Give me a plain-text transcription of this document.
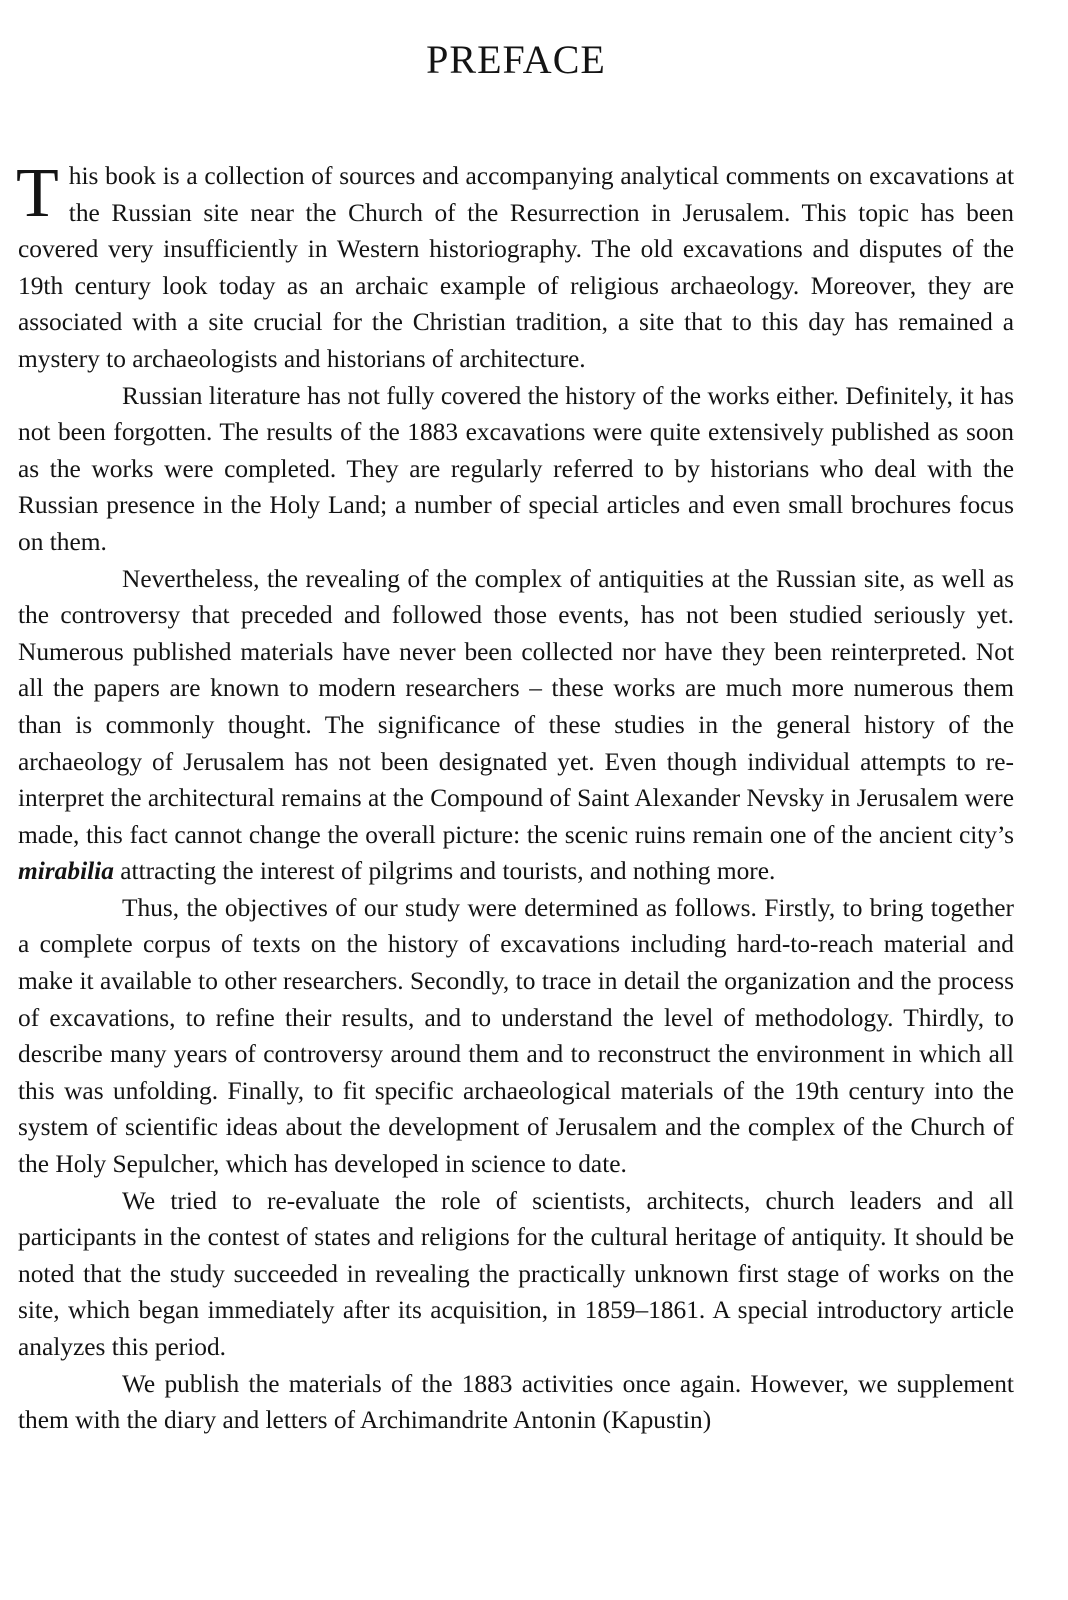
PREFACE

This book is a collection of sources and accompanying analytical comments on excavations at the Russian site near the Church of the Resurrection in Jerusalem. This topic has been covered very insufficiently in Western historiography. The old excavations and disputes of the 19th century look today as an archaic example of religious archaeology. Moreover, they are associated with a site crucial for the Christian tradition, a site that to this day has remained a mystery to archaeologists and historians of architecture.

Russian literature has not fully covered the history of the works either. Definitely, it has not been forgotten. The results of the 1883 excavations were quite extensively published as soon as the works were completed. They are regularly referred to by historians who deal with the Russian presence in the Holy Land; a number of special articles and even small brochures focus on them.

Nevertheless, the revealing of the complex of antiquities at the Russian site, as well as the controversy that preceded and followed those events, has not been studied seriously yet. Numerous published materials have never been collected nor have they been reinterpreted. Not all the papers are known to modern researchers – these works are much more numerous them than is commonly thought. The significance of these studies in the general history of the archaeology of Jerusalem has not been designated yet. Even though individual attempts to re-interpret the architectural remains at the Compound of Saint Alexander Nevsky in Jerusalem were made, this fact cannot change the overall picture: the scenic ruins remain one of the ancient city’s mirabilia attracting the interest of pilgrims and tourists, and nothing more.

Thus, the objectives of our study were determined as follows. Firstly, to bring together a complete corpus of texts on the history of excavations including hard-to-reach material and make it available to other researchers. Secondly, to trace in detail the organization and the process of excavations, to refine their results, and to understand the level of methodology. Thirdly, to describe many years of controversy around them and to reconstruct the environment in which all this was unfolding. Finally, to fit specific archaeological materials of the 19th century into the system of scientific ideas about the development of Jerusalem and the complex of the Church of the Holy Sepulcher, which has developed in science to date.

We tried to re-evaluate the role of scientists, architects, church leaders and all participants in the contest of states and religions for the cultural heritage of antiquity. It should be noted that the study succeeded in revealing the practically unknown first stage of works on the site, which began immediately after its acquisition, in 1859–1861. A special introductory article analyzes this period.

We publish the materials of the 1883 activities once again. However, we supplement them with the diary and letters of Archimandrite Antonin (Kapustin)
